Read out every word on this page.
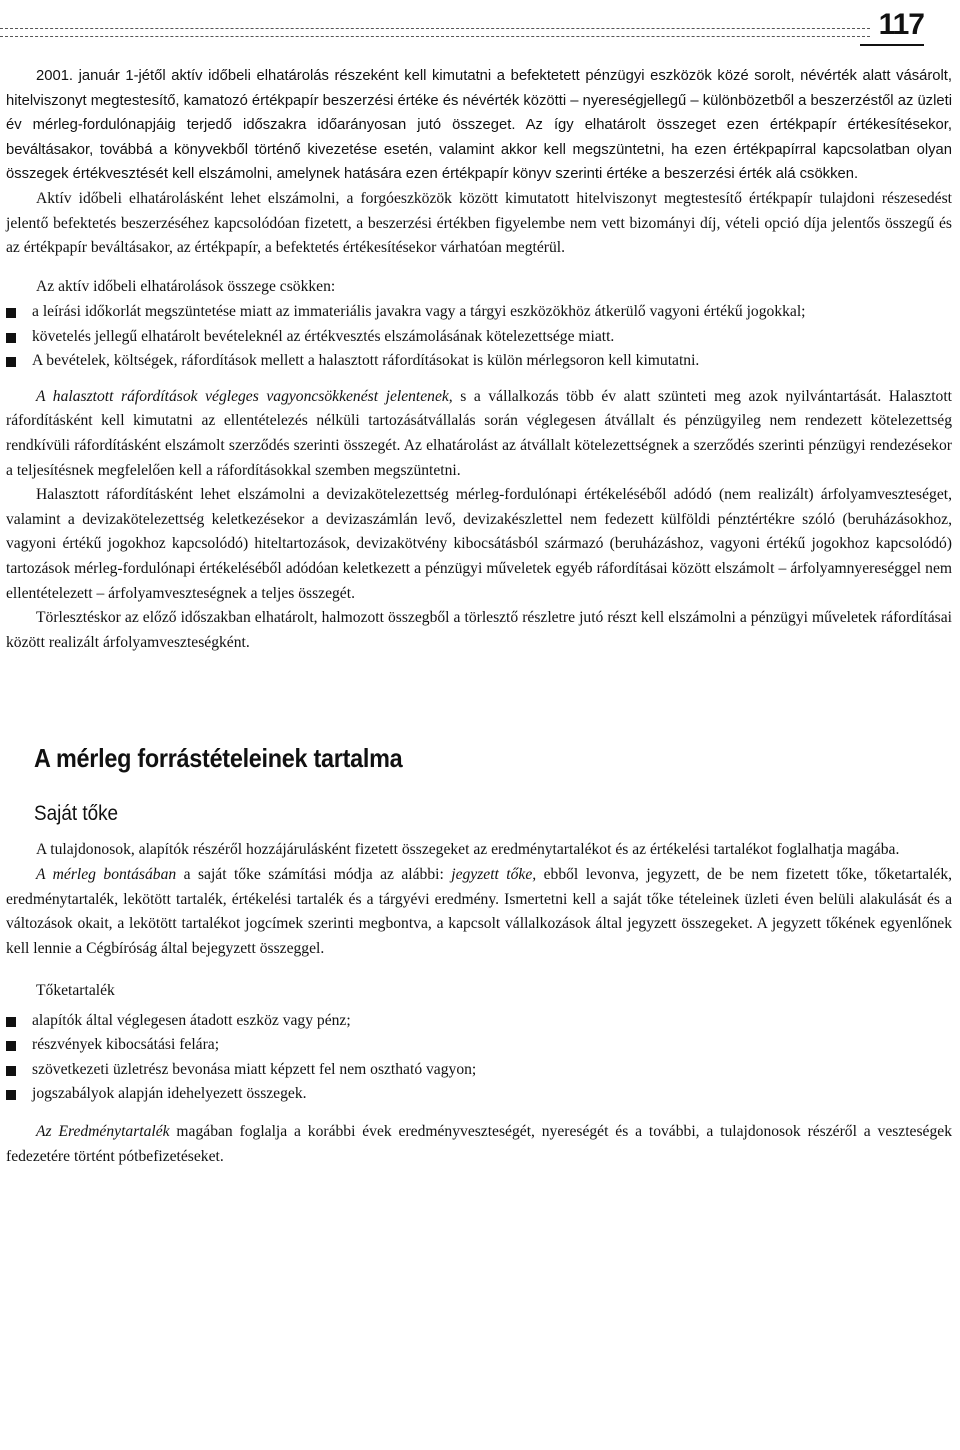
117

2001. január 1-jétől aktív időbeli elhatárolás részeként kell kimutatni a befektetett pénzügyi eszközök közé sorolt, névérték alatt vásárolt, hitelviszonyt megtestesítő, kamatozó értékpapír beszerzési értéke és névérték közötti – nyereségjellegű – különbözetből a beszerzéstől az üzleti év mérleg-fordulónapjáig terjedő időszakra időarányosan jutó összeget. Az így elhatárolt összeget ezen értékpapír értékesítésekor, beváltásakor, továbbá a könyvekből történő kivezetése esetén, valamint akkor kell megszüntetni, ha ezen értékpapírral kapcsolatban olyan összegek értékvesztését kell elszámolni, amelynek hatására ezen értékpapír könyv szerinti értéke a beszerzési érték alá csökken.

Aktív időbeli elhatárolásként lehet elszámolni, a forgóeszközök között kimutatott hitelviszonyt megtestesítő értékpapír tulajdoni részesedést jelentő befektetés beszerzéséhez kapcsolódóan fizetett, a beszerzési értékben figyelembe nem vett bizományi díj, vételi opció díja jelentős összegű és az értékpapír beváltásakor, az értékpapír, a befektetés értékesítésekor várhatóan megtérül.

Az aktív időbeli elhatárolások összege csökken:

a leírási időkorlát megszüntetése miatt az immateriális javakra vagy a tárgyi eszközökhöz átkerülő vagyoni értékű jogokkal;
követelés jellegű elhatárolt bevételeknél az értékvesztés elszámolásának kötelezettsége miatt.
A bevételek, költségek, ráfordítások mellett a halasztott ráfordításokat is külön mérlegsoron kell kimutatni.

A halasztott ráfordítások végleges vagyoncsökkenést jelentenek, s a vállalkozás több év alatt szünteti meg azok nyilvántartását. Halasztott ráfordításként kell kimutatni az ellentételezés nélküli tartozásátvállalás során véglegesen átvállalt és pénzügyileg nem rendezett kötelezettség rendkívüli ráfordításként elszámolt szerződés szerinti összegét. Az elhatárolást az átvállalt kötelezettségnek a szerződés szerinti pénzügyi rendezésekor a teljesítésnek megfelelően kell a ráfordításokkal szemben megszüntetni.

Halasztott ráfordításként lehet elszámolni a devizakötelezettség mérleg-fordulónapi értékeléséből adódó (nem realizált) árfolyamveszteséget, valamint a devizakötelezettség keletkezésekor a devizaszámlán levő, devizakészlettel nem fedezett külföldi pénztértékre szóló (beruházásokhoz, vagyoni értékű jogokhoz kapcsolódó) hiteltartozások, devizakötvény kibocsátásból származó (beruházáshoz, vagyoni értékű jogokhoz kapcsolódó) tartozások mérleg-fordulónapi értékeléséből adódóan keletkezett a pénzügyi műveletek egyéb ráfordításai között elszámolt – árfolyamnyereséggel nem ellentételezett – árfolyamveszteségnek a teljes összegét.

Törlesztéskor az előző időszakban elhatárolt, halmozott összegből a törlesztő részletre jutó részt kell elszámolni a pénzügyi műveletek ráfordításai között realizált árfolyamveszteségként.

A mérleg forrástételeinek tartalma
Saját tőke

A tulajdonosok, alapítók részéről hozzájárulásként fizetett összegeket az eredménytartalékot és az értékelési tartalékot foglalhatja magába.

A mérleg bontásában a saját tőke számítási módja az alábbi: jegyzett tőke, ebből levonva, jegyzett, de be nem fizetett tőke, tőketartalék, eredménytartalék, lekötött tartalék, értékelési tartalék és a tárgyévi eredmény. Ismertetni kell a saját tőke tételeinek üzleti éven belüli alakulását és a változások okait, a lekötött tartalékot jogcímek szerinti megbontva, a kapcsolt vállalkozások által jegyzett összegeket. A jegyzett tőkének egyenlőnek kell lennie a Cégbíróság által bejegyzett összeggel.

Tőketartalék

alapítók által véglegesen átadott eszköz vagy pénz;
részvények kibocsátási felára;
szövetkezeti üzletrész bevonása miatt képzett fel nem osztható vagyon;
jogszabályok alapján idehelyezett összegek.

Az Eredménytartalék magában foglalja a korábbi évek eredményveszteségét, nyereségét és a további, a tulajdonosok részéről a veszteségek fedezetére történt pótbefizetéseket.
